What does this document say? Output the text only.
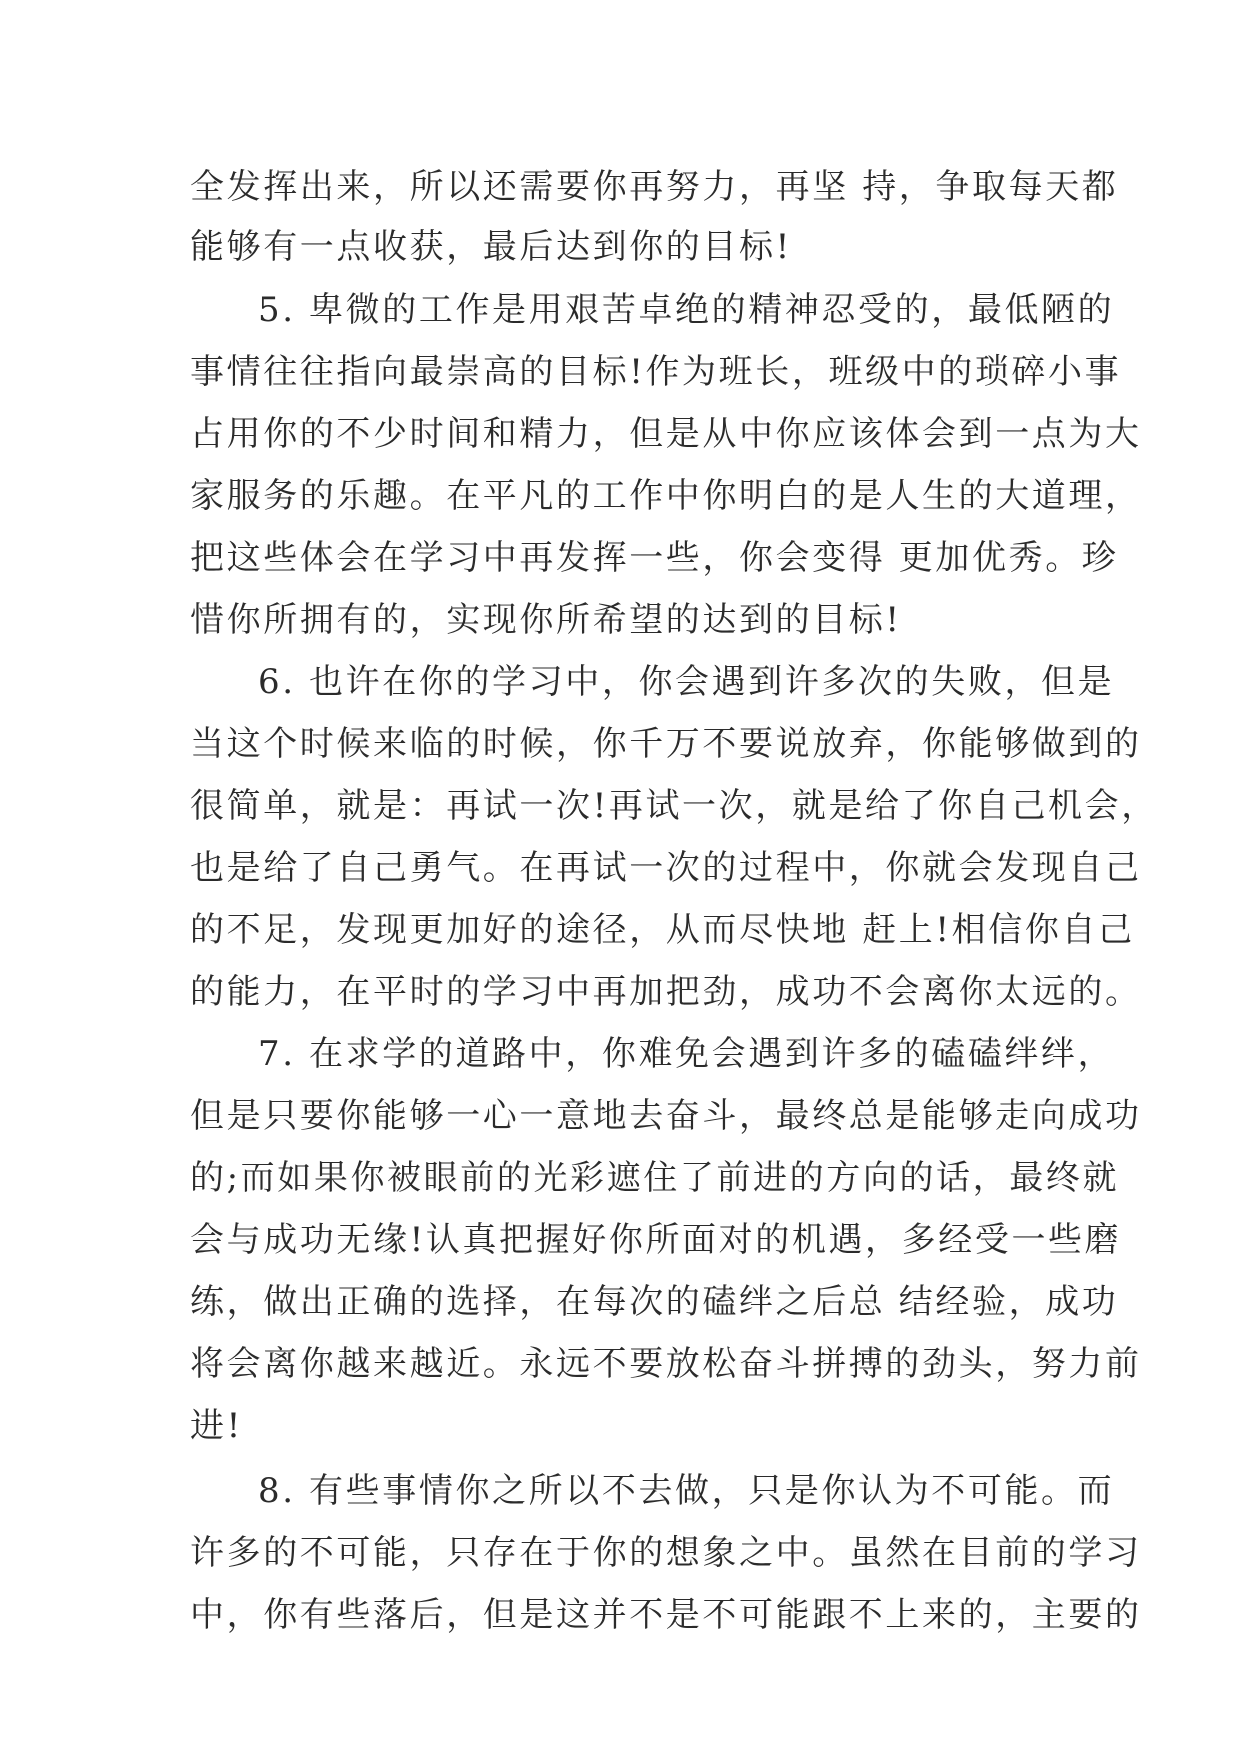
全发挥出来，所以还需要你再努力，再坚 持，争取每天都
能够有一点收获，最后达到你的目标!
5. 卑微的工作是用艰苦卓绝的精神忍受的，最低陋的
事情往往指向最崇高的目标!作为班长，班级中的琐碎小事
占用你的不少时间和精力，但是从中你应该体会到一点为大
家服务的乐趣。在平凡的工作中你明白的是人生的大道理，
把这些体会在学习中再发挥一些，你会变得 更加优秀。珍
惜你所拥有的，实现你所希望的达到的目标!
6. 也许在你的学习中，你会遇到许多次的失败，但是
当这个时候来临的时候，你千万不要说放弃，你能够做到的
很简单，就是：再试一次!再试一次，就是给了你自己机会，
也是给了自己勇气。在再试一次的过程中，你就会发现自己
的不足，发现更加好的途径，从而尽快地 赶上!相信你自己
的能力，在平时的学习中再加把劲，成功不会离你太远的。
7. 在求学的道路中，你难免会遇到许多的磕磕绊绊，
但是只要你能够一心一意地去奋斗，最终总是能够走向成功
的;而如果你被眼前的光彩遮住了前进的方向的话，最终就
会与成功无缘!认真把握好你所面对的机遇，多经受一些磨
练，做出正确的选择，在每次的磕绊之后总 结经验，成功
将会离你越来越近。永远不要放松奋斗拼搏的劲头，努力前
进!
8. 有些事情你之所以不去做，只是你认为不可能。而
许多的不可能，只存在于你的想象之中。虽然在目前的学习
中，你有些落后，但是这并不是不可能跟不上来的，主要的
